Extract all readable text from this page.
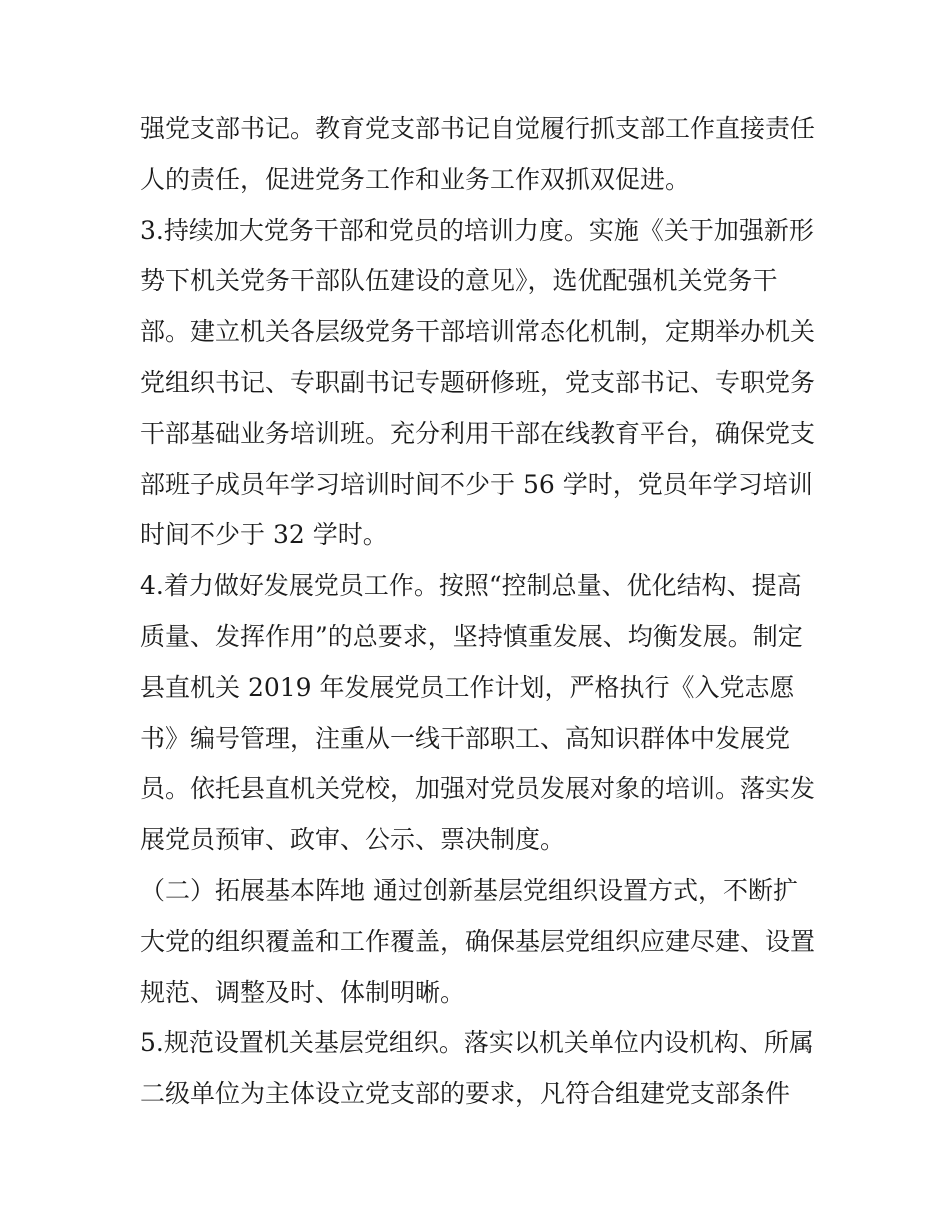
强党支部书记。教育党支部书记自觉履行抓支部工作直接责任
人的责任，促进党务工作和业务工作双抓双促进。
3.持续加大党务干部和党员的培训力度。实施《关于加强新形
势下机关党务干部队伍建设的意见》，选优配强机关党务干
部。建立机关各层级党务干部培训常态化机制，定期举办机关
党组织书记、专职副书记专题研修班，党支部书记、专职党务
干部基础业务培训班。充分利用干部在线教育平台，确保党支
部班子成员年学习培训时间不少于 56 学时，党员年学习培训
时间不少于 32 学时。
4.着力做好发展党员工作。按照“控制总量、优化结构、提高
质量、发挥作用”的总要求，坚持慎重发展、均衡发展。制定
县直机关 2019 年发展党员工作计划，严格执行《入党志愿
书》编号管理，注重从一线干部职工、高知识群体中发展党
员。依托县直机关党校，加强对党员发展对象的培训。落实发
展党员预审、政审、公示、票决制度。
（二）拓展基本阵地 通过创新基层党组织设置方式，不断扩
大党的组织覆盖和工作覆盖，确保基层党组织应建尽建、设置
规范、调整及时、体制明晰。
5.规范设置机关基层党组织。落实以机关单位内设机构、所属
二级单位为主体设立党支部的要求，凡符合组建党支部条件
